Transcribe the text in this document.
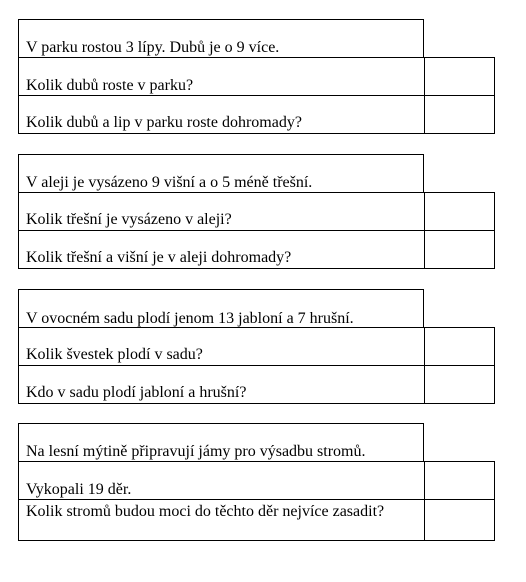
V parku rostou 3 lípy. Dubů je o 9 více.
Kolik dubů roste v parku?
Kolik dubů a lip v parku roste dohromady?
V aleji je vysázeno 9 višní a o 5 méně třešní.
Kolik třešní je vysázeno v aleji?
Kolik třešní a višní je v aleji dohromady?
V ovocném sadu plodí jenom 13 jabloní a 7 hrušní.
Kolik švestek plodí v sadu?
Kdo v sadu plodí jabloní a hrušní?
Na lesní mýtině připravují jámy pro výsadbu stromů.
Vykopali 19 děr.
Kolik stromů budou moci do těchto děr nejvíce zasadit?
